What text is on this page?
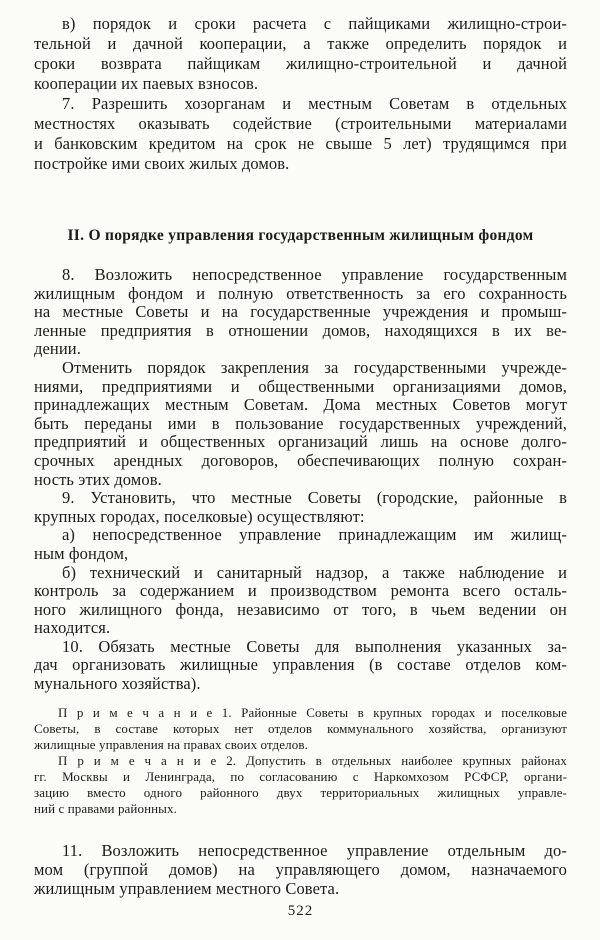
в) порядок и сроки расчета с пайщиками жилищно-строи-
тельной и дачной кооперации, а также определить порядок и
сроки возврата пайщикам жилищно-строительной и дачной
кооперации их паевых взносов.
7. Разрешить хозорганам и местным Советам в отдельных
местностях оказывать содействие (строительными материалами
и банковским кредитом на срок не свыше 5 лет) трудящимся при
постройке ими своих жилых домов.
II. О порядке управления государственным жилищным фондом
8. Возложить непосредственное управление государственным
жилищным фондом и полную ответственность за его сохранность
на местные Советы и на государственные учреждения и промыш-
ленные предприятия в отношении домов, находящихся в их ве-
дении.
Отменить порядок закрепления за государственными учрежде-
ниями, предприятиями и общественными организациями домов,
принадлежащих местным Советам. Дома местных Советов могут
быть переданы ими в пользование государственных учреждений,
предприятий и общественных организаций лишь на основе долго-
срочных арендных договоров, обеспечивающих полную сохран-
ность этих домов.
9. Установить, что местные Советы (городские, районные в
крупных городах, поселковые) осуществляют:
а) непосредственное управление принадлежащим им жилищ-
ным фондом,
б) технический и санитарный надзор, а также наблюдение и
контроль за содержанием и производством ремонта всего осталь-
ного жилищного фонда, независимо от того, в чьем ведении он
находится.
10. Обязать местные Советы для выполнения указанных за-
дач организовать жилищные управления (в составе отделов ком-
мунального хозяйства).
П р и м е ч а н и е 1. Районные Советы в крупных городах и поселковые
Советы, в составе которых нет отделов коммунального хозяйства, организуют
жилищные управления на правах своих отделов.
П р и м е ч а н и е 2. Допустить в отдельных наиболее крупных районах
гг. Москвы и Ленинграда, по согласованию с Наркомхозом РСФСР, органи-
зацию вместо одного районного двух территориальных жилищных управле-
ний с правами районных.
11. Возложить непосредственное управление отдельным до-
мом (группой домов) на управляющего домом, назначаемого
жилищным управлением местного Совета.
522
